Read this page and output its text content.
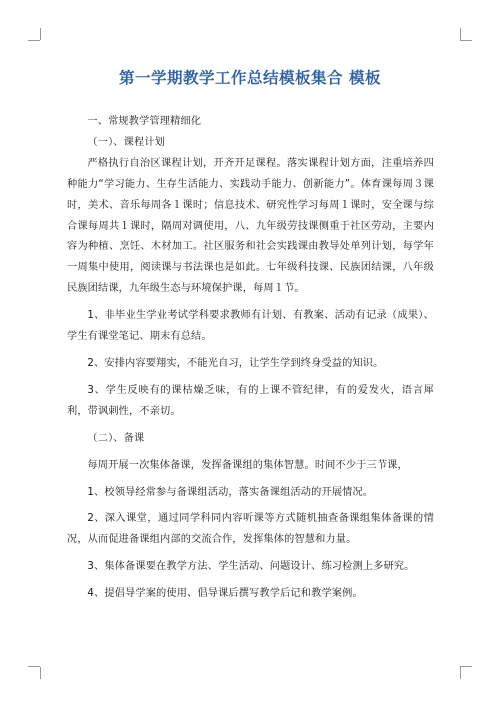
第一学期教学工作总结模板集合 模板

一、常规教学管理精细化

（一）、课程计划

严格执行自治区课程计划，开齐开足课程。落实课程计划方面，注重培养四种能力“学习能力、生存生活能力、实践动手能力、创新能力”。体育课每周３课时，美术、音乐每周各１课时；信息技术、研究性学习每周１课时，安全课与综合课每周共１课时，隔周对调使用，八、九年级劳技课侧重于社区劳动，主要内容为种植、烹饪、木材加工。社区服务和社会实践课由教导处单列计划，每学年一周集中使用，阅读课与书法课也是如此。七年级科技课、民族团结课，八年级民族团结课，九年级生态与环境保护课，每周１节。

1、非毕业生学业考试学科要求教师有计划、有教案、活动有记录（成果）、学生有课堂笔记、期末有总结。

2、安排内容要翔实，不能光自习，让学生学到终身受益的知识。

3、学生反映有的课枯燥乏味，有的上课不管纪律，有的爱发火，语言犀利，带讽刺性，不亲切。

（二）、备课

每周开展一次集体备课，发挥备课组的集体智慧。时间不少于三节课，

1、校领导经常参与备课组活动，落实备课组活动的开展情况。

2、深入课堂，通过同学科同内容听课等方式随机抽查备课组集体备课的情况，从而促进备课组内部的交流合作，发挥集体的智慧和力量。

3、集体备课要在教学方法、学生活动、问题设计、练习检测上多研究。

4、提倡导学案的使用、倡导课后撰写教学后记和教学案例。
